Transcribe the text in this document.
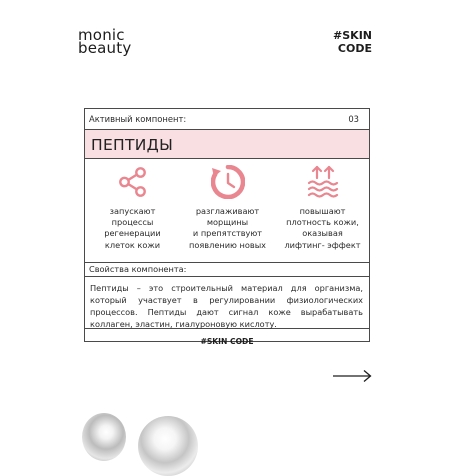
monic
beauty
#SKIN
CODE
Активный компонент:	03
ПЕПТИДЫ
запускают
процессы
регенерации
клеток кожи
разглаживают
морщины
и препятствуют
появлению новых
повышают
плотность кожи,
оказывая
лифтинг- эффект
Свойства компонента:
Пептиды – это строительный материал для организма, который участвует в регулировании физиологических процессов. Пептиды дают сигнал коже вырабатывать коллаген, эластин, гиалуроновую кислоту.
#SKIN CODE
